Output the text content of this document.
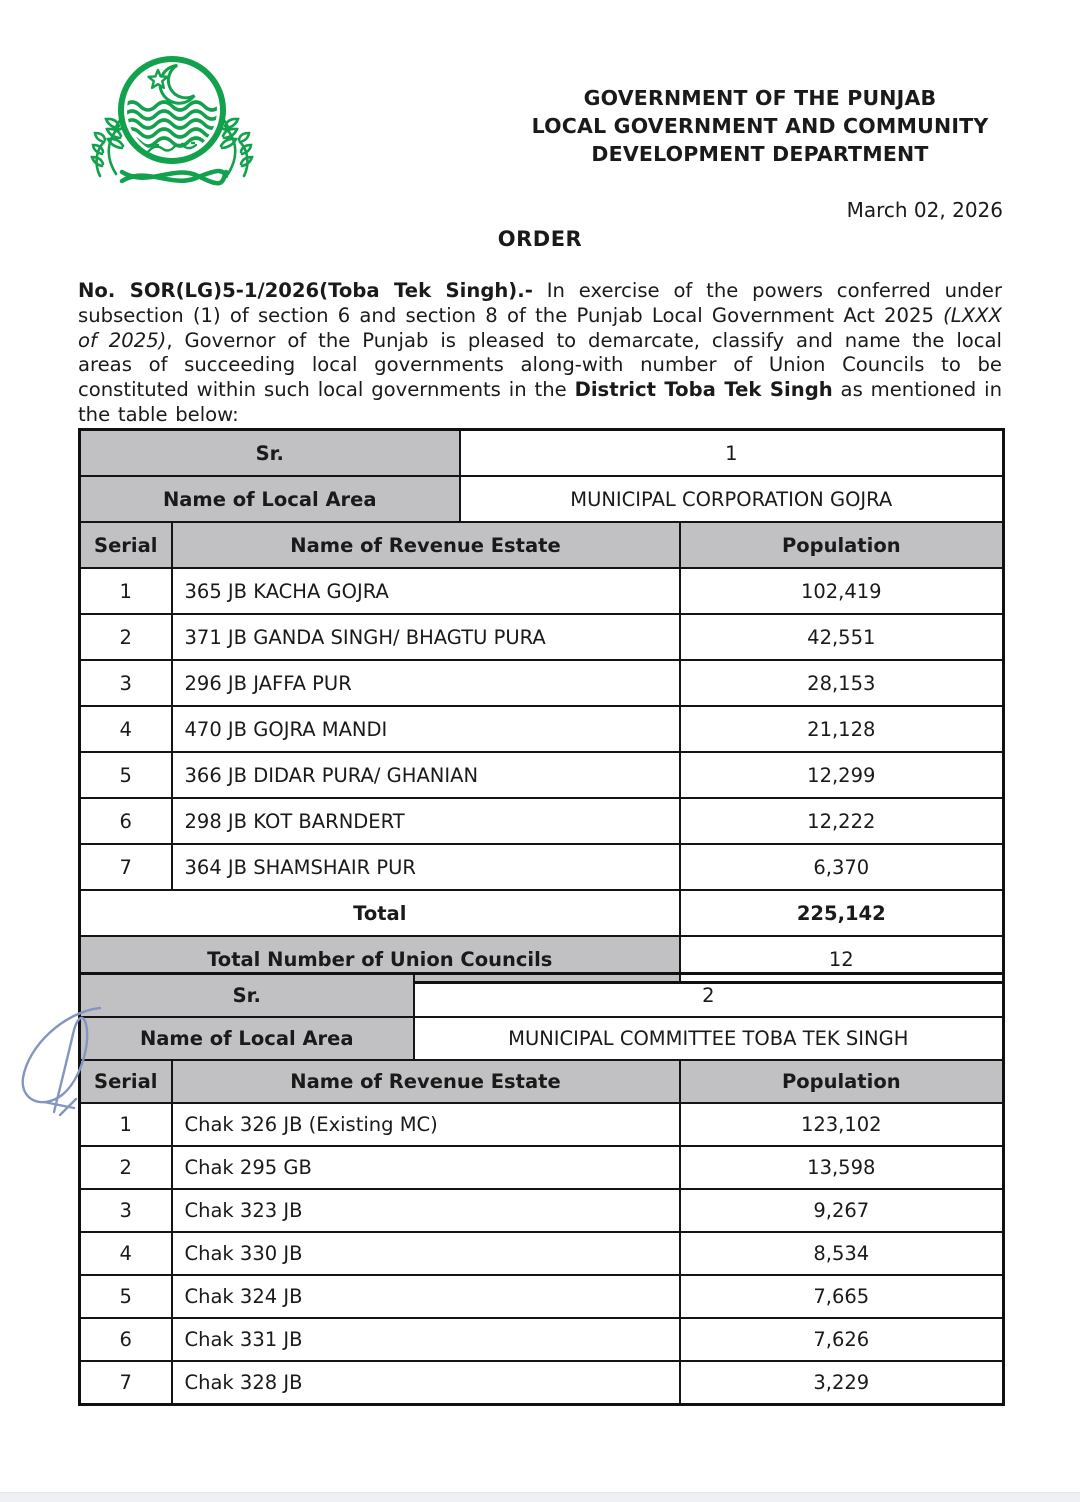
GOVERNMENT OF THE PUNJAB
LOCAL GOVERNMENT AND COMMUNITY
DEVELOPMENT DEPARTMENT
March 02, 2026
ORDER

No. SOR(LG)5-1/2026(Toba Tek Singh).- In exercise of the powers conferred under subsection (1) of section 6 and section 8 of the Punjab Local Government Act 2025 (LXXX of 2025), Governor of the Punjab is pleased to demarcate, classify and name the local areas of succeeding local governments along-with number of Union Councils to be constituted within such local governments in the District Toba Tek Singh as mentioned in the table below:

Sr.		1	
Name of Local Area		MUNICIPAL CORPORATION GOJRA	
Serial	Name of Revenue Estate		Population
1	365 JB KACHA GOJRA		102,419
2	371 JB GANDA SINGH/ BHAGTU PURA		42,551
3	296 JB JAFFA PUR		28,153
4	470 JB GOJRA MANDI		21,128
5	366 JB DIDAR PURA/ GHANIAN		12,299
6	298 JB KOT BARNDERT		12,222
7	364 JB SHAMSHAIR PUR		6,370
Total			225,142
Total Number of Union Councils			12
Sr.		2	
Name of Local Area		MUNICIPAL COMMITTEE TOBA TEK SINGH	
Serial	Name of Revenue Estate		Population
1	Chak 326 JB (Existing MC)		123,102
2	Chak 295 GB		13,598
3	Chak 323 JB		9,267
4	Chak 330 JB		8,534
5	Chak 324 JB		7,665
6	Chak 331 JB		7,626
7	Chak 328 JB		3,229
